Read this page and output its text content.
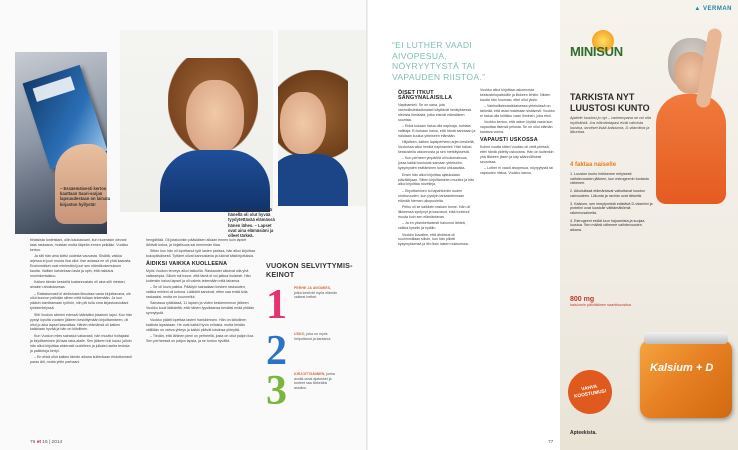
– Essäemäisesti kertoo kauttaan Saari-sarjan lapsuudestaan on lainata kirjaston hyllystä!
Vuokko Taivonen, että hänellä oli olut hyvää tyydytettävää elämässä hänen lähes. – Lapset ovat aina elämäsiäni ja olleet tärkeä.

tiiriaisista tunteistani, ollin kaukausani, kun huomasin olevani taas raskaana, muistan mutta liäpeän ennen pelkään, Vuokko kertoo.

Ja silti hän aina iloitsi uudesta vauvasta. Sisältä, vaikka arjessa ei juuri muuta iloa ollut. Itse asiassa ne oli yhtä kaaosta. Ensimmäiset ovat mielestäni juuri sen elämäkokemuksen kautta. Valitsin kahdeksan lasta ja opin, että rakkaus moninkertaistuu.

Kaiken tämän keskellä kustannustalo oli aina silti mestari, ainakin rahoituksessa.

– Ratkaisevasti ei ahdistusta tiksuissa vasta kirjoittavana, ole ollut kunnon pelkään siihen mitä tullaan tekemään. Ja kun pääsin toimittamaan työhön, niin piti tulla oma kirjastoasioitani työskentelyssä.

Silti Vuokon silmien edessä hääriväisi jokainen lapsi. Kun hän pystyi lopulta vuosien jälkeen keskittymään kirjoittamiseen, oli ollut jo aika lapset kasvattaa. Hänen elämänsä oli kaiken kaikkiaan hyvää ja hän on kiitollinen.

Kun Vuokon mies sairastui vakavasti, hän muuttui hoitajaksi ja kirjoittaminen jäi taas taka-alalle. Sen jälkeen tuli kausi, jolloin hän alkoi kirjoittaa ahkerasti uudelleen ja julkaisi useita teoksia ja palkintoja kertyi.

– En ehkä ollut kaiken tämän aikana kuitenkaan ehdottomasti paras äiti, mutta yritin parhaani.

hengähtää. Oli jotakuinkin pääsiäisen aikaan ennen kuin lapset lähtivät kotoa, ja kirjallisuus sai enemmän tilaa.

Sitten kun hän oli lopettanut työt lasten parissa, hän alkoi kirjoittaa kokopäiväisesti. Tyttäret olivat kannustavia ja lukivat käsikirjoituksia.

ÄIDIKSI VAIKKA KUOLLEENA

Myös Vuokon terveys alkoi takkuilla. Raskaudet alkoivat olla yhä vaikeampia. Silloin tuli tunne, että tämä ei voi jatkua ikuisesti. Hän kuitenkin halusi lapset ja oli valmis tekemään mitä tahansa.

– Se oli kova paikka. Päädyin sairaalaan kesken raskauden, vaikka mieleni oli kotona. Lääkärit sanoivat, etten saa enää tulla raskaaksi, mutta en kuunnellut.

Samassa rytäkässä, 11 lapsen ja viiden keskenmenon jälkeen Vuokko kuuli lääkäriltä, että hänen fyysikkansa kestäisi enää yhtään synnytystä.

Vuokko päätti lopettaa lasten hankkimisen. Hän on kiitollinen kaikista lapsistaan. He ovat kaikki hyvin erilaisia, mutta heidän välillään on vahva yhteys ja kaikki pitävät toisiinsa yhteyttä.

– Tiedän, että lähinen pieni on perheellä, josta on ollut paljon iloa. Sen perheessä on paljon lapsia, ja se tuntuu hyvältä.

VUOKON SELVIYTYMIS-KEINOT
1 PERHE JA AVIOMIES, jotka kestivät myös elämän vaikeat hetket.
2 USKO, joka on myös helpottanut ja kantanut.
3 KIRJOITTAMINEN, jonka avulla omat ajatukset ja tunteet saa tärkeäksi asioiksi.
76 et 16 | 2014
“EI LUTHER VAADI AIVOPESUA, NÖYRYYTYSTÄ TAI VAPAUDEN RIISTOA.”
ÖISET ITKUT SÄNGYNALAISILLA

Napinamieli. Se on sana, jota vanhoillislestadiolaiset käyttävät herätyksessä olevista ihmisistä, jotka etsivät elämälleen suuntaa.

– Ehkä kukaan halua olla napinaja, turhista valittaja. Ei kukaan halua, että häntä sanotaan ja halutaan kuulua yhteiseen elämään.

Hiljalleen, kaiken lapsiperheen arjen keskellä, Vuokossa alkoi herätä napinamieli. Hän halusi keskustella uskonnosta ja sen merkityksestä.

– Kun perheen ympärillä oli kokonaisuus, jossa kaikki kuuluivat samaan yhteisöön, kysymysten esittäminen tuntui uhkaavalta.

Ensin hän alkoi kirjoittaa ajatuksiaan päiväkirjaan. Sitten kirjoittaminen muuttui ja hän alkoi kirjoittaa novelleja.

– Kirjoittaminen toi tapahtumiin uuden ulottuvuuden, kun pystyin tarkastelemaan elämää hieman ulkopuolelta.

Pelko oli se kaikkein raskain tunne. Hän oli liikkeessä syntynyt ja kasvanut, eikä tuntenut muuta kuin sen elämäntavan.

– Ja en yksinkertaisesti halunnut lähteä, vaikka kyselin ja epäilin.

Vuokko kuvailee, että ahdistus oli suurimmillaan silloin, kun hän piilotti kysymyksensä ja itki öisin lasten nukkuessa.

Vuokko alkoi kirjoittaa uskonnosta keskustelupalstoille ja liikkeen lehtiin. Niiden kautta hän huomasi, ettei ollut yksin.

– Vanhoillislestadiolaisessa yhteisössä on tärkeää, että asiat hoidetaan sisäisesti. Vuokko ei halua olla kriitikko vaan ihminen, joka etsii.

Vuokko kertoo, että uskon löytää vasta kun vapauttaa itsensä pelosta. Se on ollut elämän kantava voima.

VAPAUSTI USKOSSA

Kolme vuotta sitten Vuokko oli vielä piirissä, ettei häntä pidetty uskovana. Hän on kuitenkin yhä liikkeen jäsen ja käy säännöllisesti seuroissa.

– Luther ei vaadi aivopesua, nöyryytystä tai vapauden riistoa, Vuokko sanoo.

77
▲ VERMAN
MINISUN
TARKISTA NYT LUUSTOSI KUNTO
Ajattele luustosi jo nyt – vanhempana se voi olla myöhäistä. Jos elämäntapasi eivät vahvista luustoa, tarvitset lisää kalsiumia, D-vitamiinia ja liikuntaa.
4 faktaa naiselle
1. Luuston kunto heikkenee erityisesti vaihdevuosien jälkeen, kun estrogeenin tuotanto vähenee.
2. Aikuisiässä elämäntavat vaikuttavat luuston vahvuuteen. Liikunta ja ravinto ovat tärkeitä.
3. Kalsium, sen imeytymistä edistävä D-vitamiini ja proteiini ovat luustolle välttämättömiä rakennusaineita.
4. Estrogeeni estää luun hajoamista ja suojaa luustoa. Sen määrä vähenee vaihdevuosien aikana.
Kalsium + D
800 mg
kalsiumin päivittäinen saantisuositus
VAHVA KOOSTUMUS!
Apteekista.
